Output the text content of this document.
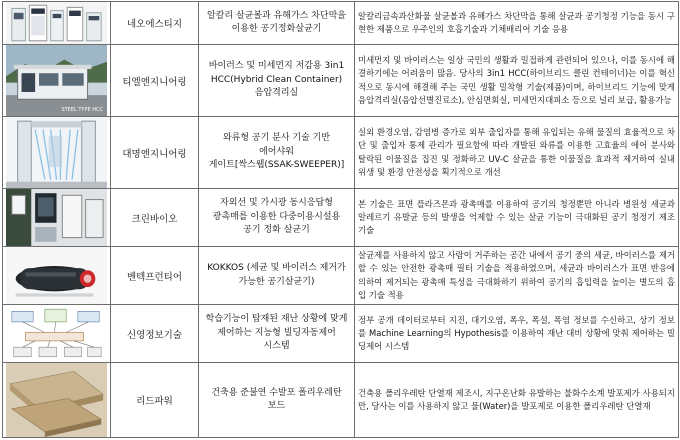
	네오에스티지	알칼리 살균볼과 유해가스 차단막을
이용한 공기정화살균기	알칼리금속과산화물 살균볼과 유해가스 차단막을 통해 살균과 공기청정 기능을 동시 구현한 제품으로 우주인의 호흡기술과 기체배리어 기술 응용

STEEL TYPE HCC	티엘엔지니어링	바이러스 및 미세먼지 저감용 3in1
HCC(Hybrid Clean Container)
음압격리실	미세먼지 및 바이러스는 일상 국민의 생활과 밀접하게 관련되어 있으나, 이를 동시에 해결하기에는 어려움이 많음. 당사의 3in1 HCC(하이브리드 클린 컨테이너)는 이를 혁신적으로 동시에 해결해 주는 국민 생활 밀착형 기술(제품)이며, 하이브리드 기능에 맞게 음압격리실(음압선별진료소), 안심면회실, 미세먼지대피소 등으로 널리 보급, 활용가능

	대명엔지니어링	와류형 공기 분사 기술 기반
에어샤워
게이트[싹스웹(SSAK-SWEEPER)]	실외 환경오염, 감염병 증가로 외부 출입자를 통해 유입되는 유해 물질의 효율적으로 차단 및 출입자 통제 관리가 필요함에 따라 개발된 와류를 이용한 고효율의 에어 분사와 탈락된 이물질을 집진 및 정화하고 UV-C 살균을 통한 이물질을 효과적 제거하여 실내 위생 및 환경 안전성을 획기적으로 개선

	크린바이오	자외선 및 가시광 동시응답형
광촉매를 이용한 다중이용시설용
공기 정화 살균기	본 기술은 표면 플라즈몬과 광촉매를 이용하여 공기의 청정뿐만 아니라 병원성 세균과 알레르기 유발균 등의 발생을 억제할 수 있는 살균 기능이 극대화된 공기 청정기 제조 기술

	벤텍프런티어	KOKKOS (세균 및 바이러스 제거가
가능한 공기살균기)	살균제를 사용하지 않고 사람이 거주하는 공간 내에서 공기 중의 세균, 바이러스를 제거할 수 있는 안전한 광촉매 필터 기술을 적용하였으며, 세균과 바이러스가 표면 반응에 의하여 제거되는 광촉매 특성을 극대화하기 위하여 공기의 흡입력을 높이는 별도의 흡입 기술 적용

	신영정보기술	학습기능이 탑재된 재난 상황에 맞게
제어하는 지능형 빌딩자동제어
시스템	정부 공개 데이터로부터 지진, 대기오염, 폭우, 폭설, 폭염 정보를 수신하고, 상기 정보를 Machine Learning의 Hypothesis를 이용하여 재난 대비 상황에 맞춰 제어하는 빌딩제어 시스템

	리드파워	건축용 준불연 수발포 폴리우레탄
보드	건축용 폴리우레탄 단열재 제조시, 지구온난화 유발하는 불화수소계 발포제가 사용되지만, 당사는 이를 사용하지 않고 물(Water)을 발포제로 이용한 폴리우레탄 단열재
